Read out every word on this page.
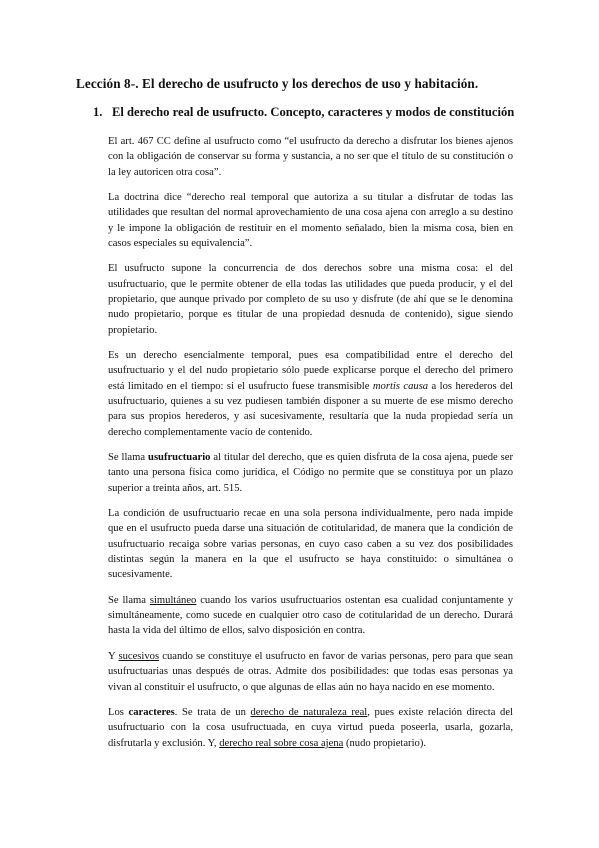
Lección 8-. El derecho de usufructo y los derechos de uso y habitación.
1. El derecho real de usufructo. Concepto, caracteres y modos de constitución

El art. 467 CC define al usufructo como “el usufructo da derecho a disfrutar los bienes ajenos con la obligación de conservar su forma y sustancia, a no ser que el título de su constitución o la ley autoricen otra cosa”.

La doctrina dice “derecho real temporal que autoriza a su titular a disfrutar de todas las utilidades que resultan del normal aprovechamiento de una cosa ajena con arreglo a su destino y le impone la obligación de restituir en el momento señalado, bien la misma cosa, bien en casos especiales su equivalencia”.

El usufructo supone la concurrencia de dos derechos sobre una misma cosa: el del usufructuario, que le permite obtener de ella todas las utilidades que pueda producir, y el del propietario, que aunque privado por completo de su uso y disfrute (de ahí que se le denomina nudo propietario, porque es titular de una propiedad desnuda de contenido), sigue siendo propietario.

Es un derecho esencialmente temporal, pues esa compatibilidad entre el derecho del usufructuario y el del nudo propietario sólo puede explicarse porque el derecho del primero está limitado en el tiempo: si el usufructo fuese transmisible mortis causa a los herederos del usufructuario, quienes a su vez pudiesen también disponer a su muerte de ese mismo derecho para sus propios herederos, y así sucesivamente, resultaría que la nuda propiedad sería un derecho complementamente vacío de contenido.

Se llama usufructuario al titular del derecho, que es quien disfruta de la cosa ajena, puede ser tanto una persona física como jurídica, el Código no permite que se constituya por un plazo superior a treinta años, art. 515.

La condición de usufructuario recae en una sola persona individualmente, pero nada impide que en el usufructo pueda darse una situación de cotitularidad, de manera que la condición de usufructuario recaiga sobre varias personas, en cuyo caso caben a su vez dos posibilidades distintas según la manera en la que el usufructo se haya constituido: o simultánea o sucesivamente.

Se llama simultáneo cuando los varios usufructuarios ostentan esa cualidad conjuntamente y simultáneamente, como sucede en cualquier otro caso de cotitularidad de un derecho. Durará hasta la vida del último de ellos, salvo disposición en contra.

Y sucesivos cuando se constituye el usufructo en favor de varias personas, pero para que sean usufructuarias unas después de otras. Admite dos posibilidades: que todas esas personas ya vivan al constituir el usufructo, o que algunas de ellas aún no haya nacido en ese momento.

Los caracteres. Se trata de un derecho de naturaleza real, pues existe relación directa del usufructuario con la cosa usufructuada, en cuya virtud pueda poseerla, usarla, gozarla, disfrutarla y exclusión. Y, derecho real sobre cosa ajena (nudo propietario).
